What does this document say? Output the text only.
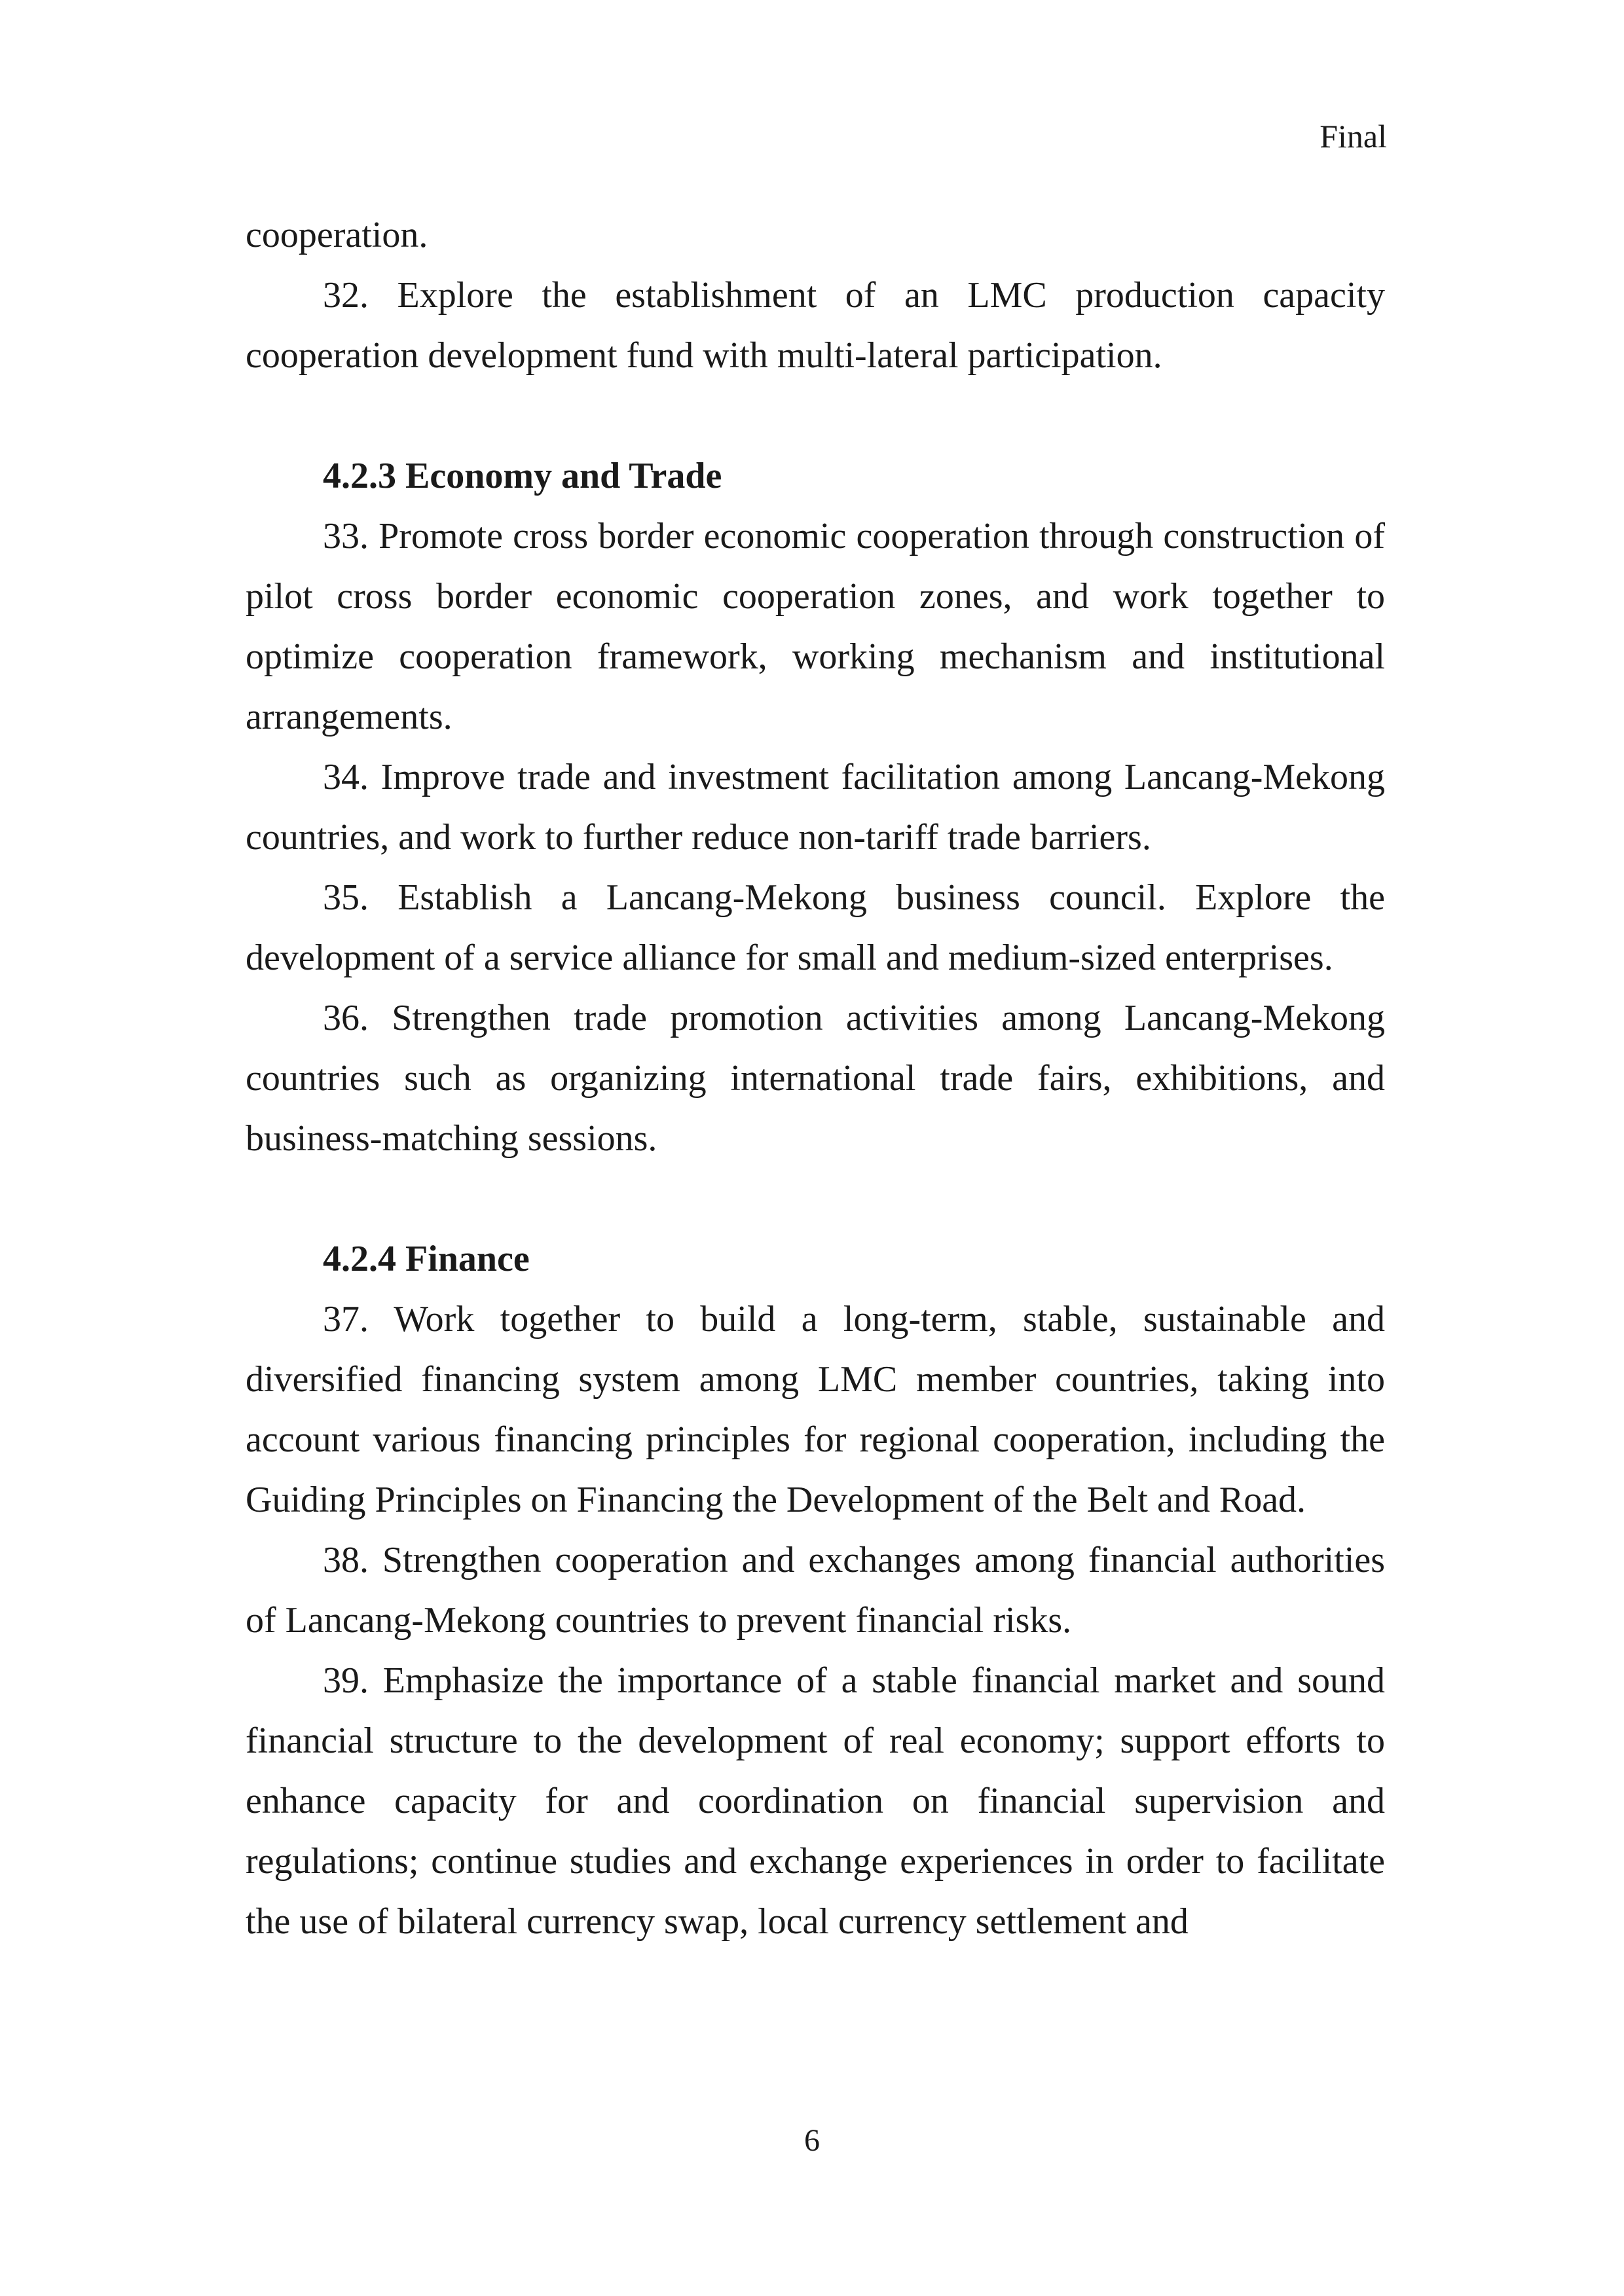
Final

cooperation.

32. Explore the establishment of an LMC production capacity cooperation development fund with multi-lateral participation.

4.2.3 Economy and Trade

33. Promote cross border economic cooperation through construction of pilot cross border economic cooperation zones, and work together to optimize cooperation framework, working mechanism and institutional arrangements.

34. Improve trade and investment facilitation among Lancang-Mekong countries, and work to further reduce non-tariff trade barriers.

35. Establish a Lancang-Mekong business council. Explore the development of a service alliance for small and medium-sized enterprises.

36. Strengthen trade promotion activities among Lancang-Mekong countries such as organizing international trade fairs, exhibitions, and business-matching sessions.

4.2.4 Finance

37. Work together to build a long-term, stable, sustainable and diversified financing system among LMC member countries, taking into account various financing principles for regional cooperation, including the Guiding Principles on Financing the Development of the Belt and Road.

38. Strengthen cooperation and exchanges among financial authorities of Lancang-Mekong countries to prevent financial risks.

39. Emphasize the importance of a stable financial market and sound financial structure to the development of real economy; support efforts to enhance capacity for and coordination on financial supervision and regulations; continue studies and exchange experiences in order to facilitate the use of bilateral currency swap, local currency settlement and

6
